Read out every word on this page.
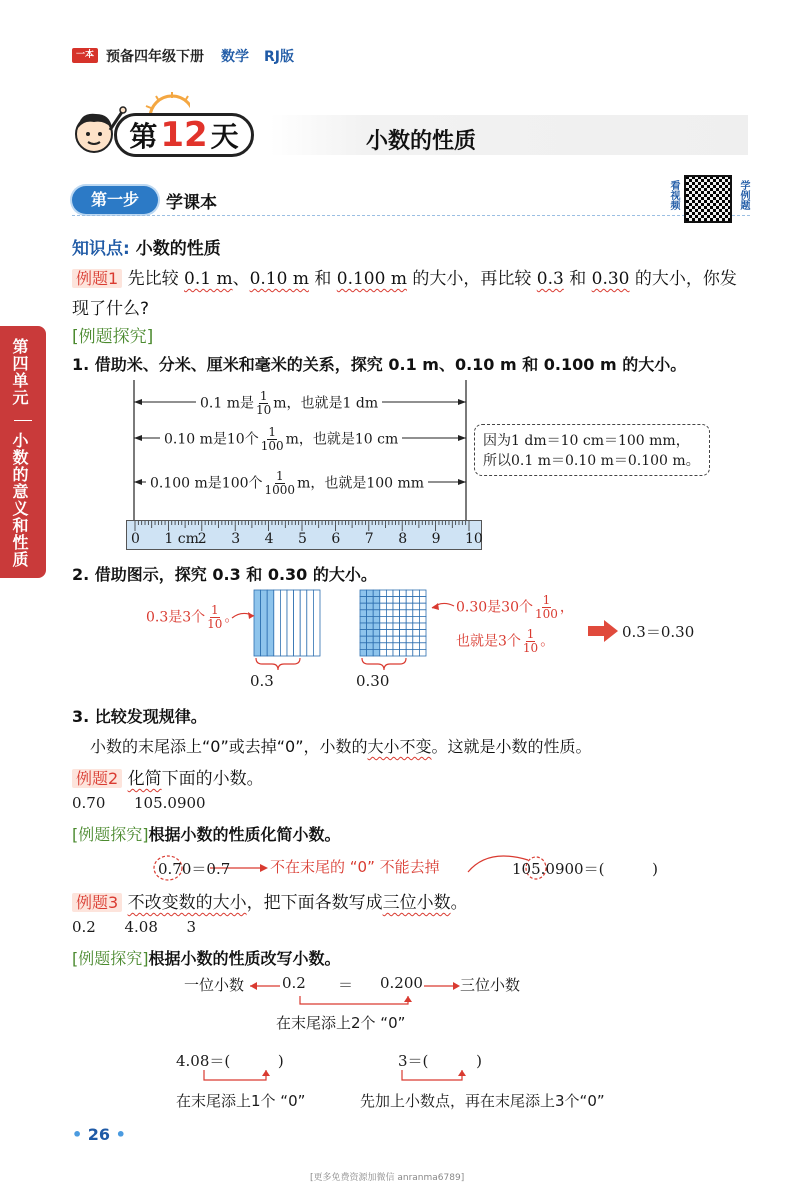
一本 预备四年级下册 数学 RJ版
第 12 天	小数的性质
第一步	学课本	看视频	学例题
第四单元
小数的意义和性质
知识点: 小数的性质
例题1 先比较 0.1 m、0.10 m 和 0.100 m 的大小，再比较 0.3 和 0.30 的大小，你发
现了什么?
[例题探究]
1. 借助米、分米、厘米和毫米的关系，探究 0.1 m、0.10 m 和 0.100 m 的大小。
0.1 m是 $\frac{1}{10}$ m，也就是1 dm
0.10 m是10个 $\frac{1}{100}$ m，也就是10 cm
0.100 m是100个 $\frac{1}{1000}$ m，也就是100 mm
因为1 dm＝10 cm＝100 mm，
所以0.1 m＝0.10 m＝0.100 m。
0 1 cm
2 3 4 5 6 7 8 9 10
2. 借助图示，探究 0.3 和 0.30 的大小。
0.3是3个 $\frac{1}{10}$ 。
0.3	0.30
0.30是30个 $\frac{1}{100}$ ，
也就是3个 $\frac{1}{10}$ 。
0.3＝0.30
3. 比较发现规律。
小数的末尾添上“0”或去掉“0”，小数的大小不变。这就是小数的性质。
例题2 化简下面的小数。
0.70      105.0900
[例题探究]根据小数的性质化简小数。
0.70＝0.7	不在末尾的 “0” 不能去掉	105.0900＝(          )
例题3 不改变数的大小，把下面各数写成三位小数。
0.2      4.08      3
[例题探究]根据小数的性质改写小数。
一位小数	0.2 ＝ 0.200 三位小数
在末尾添上2个 “0”
4.08＝(          )	3＝(          )
在末尾添上1个 “0”	先加上小数点，再在末尾添上3个“0”
• 26 •
[更多免费资源加微信 anranma6789]
